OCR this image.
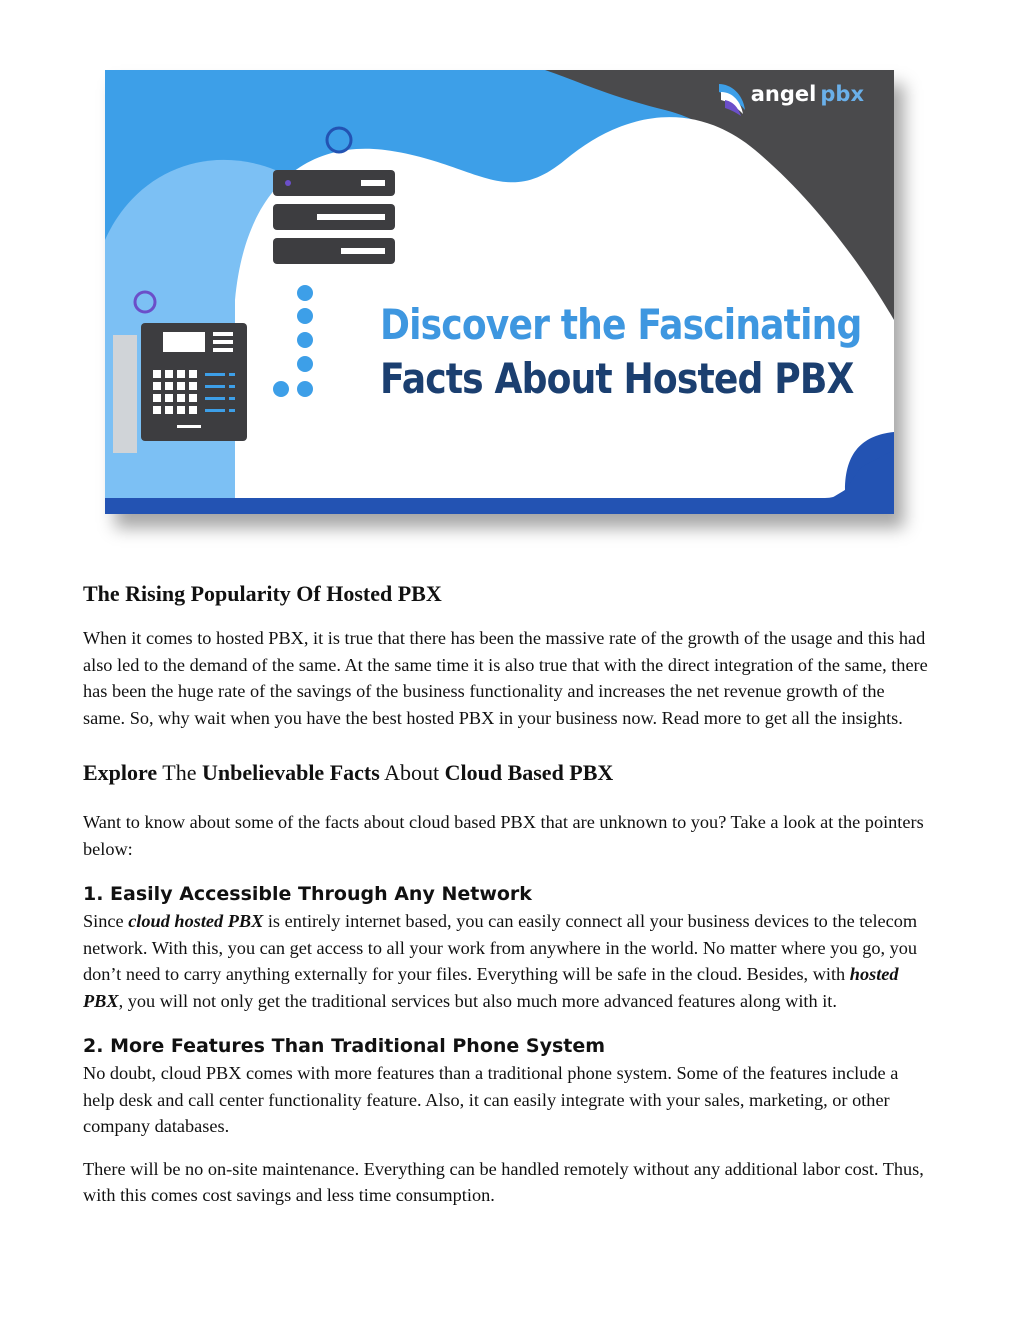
angel pbx
Discover the Fascinating
Facts About Hosted PBX
The Rising Popularity Of Hosted PBX

When it comes to hosted PBX, it is true that there has been the massive rate of the growth of the usage and this had also led to the demand of the same. At the same time it is also true that with the direct integration of the same, there has been the huge rate of the savings of the business functionality and increases the net revenue growth of the same. So, why wait when you have the best hosted PBX in your business now. Read more to get all the insights.

Explore The Unbelievable Facts About Cloud Based PBX

Want to know about some of the facts about cloud based PBX that are unknown to you? Take a look at the pointers below:

1. Easily Accessible Through Any Network

Since cloud hosted PBX is entirely internet based, you can easily connect all your business devices to the telecom network. With this, you can get access to all your work from anywhere in the world. No matter where you go, you don’t need to carry anything externally for your files. Everything will be safe in the cloud. Besides, with hosted PBX, you will not only get the traditional services but also much more advanced features along with it.

2. More Features Than Traditional Phone System

No doubt, cloud PBX comes with more features than a traditional phone system. Some of the features include a help desk and call center functionality feature. Also, it can easily integrate with your sales, marketing, or other company databases.

There will be no on-site maintenance. Everything can be handled remotely without any additional labor cost. Thus, with this comes cost savings and less time consumption.
